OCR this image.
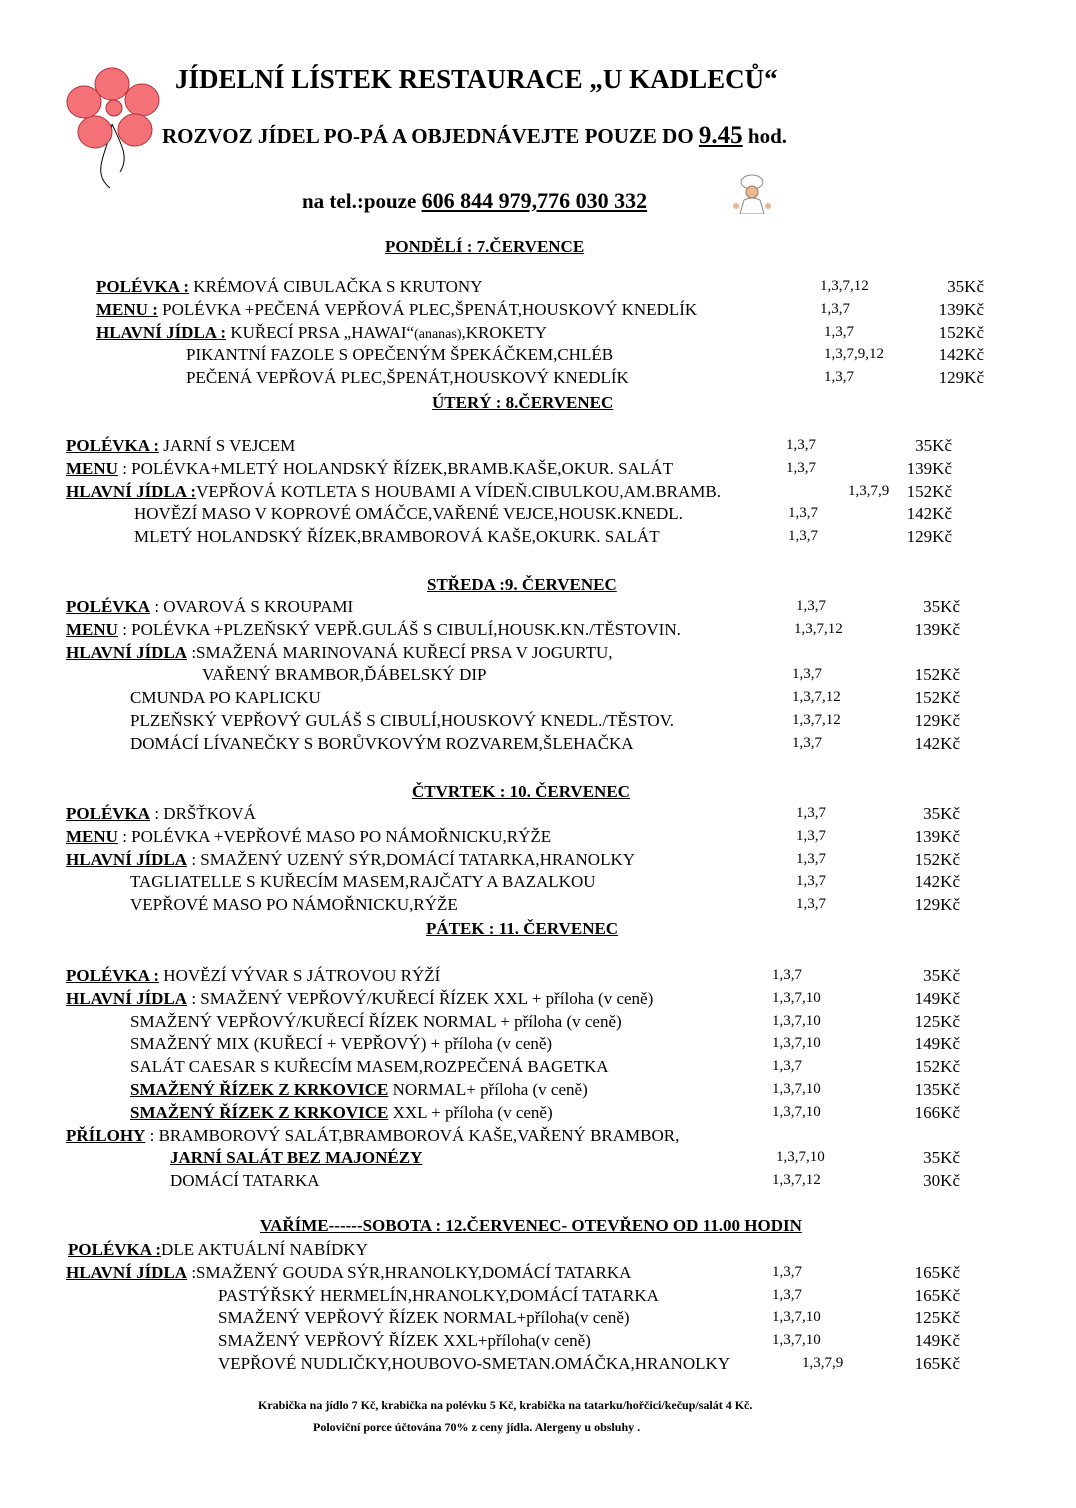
JÍDELNÍ LÍSTEK RESTAURACE „U KADLECŮ“
ROZVOZ JÍDEL PO-PÁ A OBJEDNÁVEJTE POUZE DO 9.45 hod.
na tel.:pouze 606 844 979,776 030 332
PONDĚLÍ : 7.ČERVENCE
POLÉVKA : KRÉMOVÁ CIBULAČKA S KRUTONY	1,3,7,12	35Kč
MENU : POLÉVKA +PEČENÁ VEPŘOVÁ PLEC,ŠPENÁT,HOUSKOVÝ KNEDLÍK	1,3,7	139Kč
HLAVNÍ JÍDLA : KUŘECÍ PRSA „HAWAI“(ananas),KROKETY	1,3,7	152Kč
PIKANTNÍ FAZOLE S OPEČENÝM ŠPEKÁČKEM,CHLÉB	1,3,7,9,12	142Kč
PEČENÁ VEPŘOVÁ PLEC,ŠPENÁT,HOUSKOVÝ KNEDLÍK	1,3,7	129Kč
ÚTERÝ : 8.ČERVENEC
POLÉVKA : JARNÍ S VEJCEM	1,3,7	35Kč
MENU : POLÉVKA+MLETÝ HOLANDSKÝ ŘÍZEK,BRAMB.KAŠE,OKUR. SALÁT	1,3,7	139Kč
HLAVNÍ JÍDLA :VEPŘOVÁ KOTLETA S HOUBAMI A VÍDEŇ.CIBULKOU,AM.BRAMB.	1,3,7,9	152Kč
HOVĚZÍ MASO V KOPROVÉ OMÁČCE,VAŘENÉ VEJCE,HOUSK.KNEDL.	1,3,7	142Kč
MLETÝ HOLANDSKÝ ŘÍZEK,BRAMBOROVÁ KAŠE,OKURK. SALÁT	1,3,7	129Kč
STŘEDA :9. ČERVENEC
POLÉVKA : OVAROVÁ S KROUPAMI	1,3,7	35Kč
MENU : POLÉVKA +PLZEŇSKÝ VEPŘ.GULÁŠ S CIBULÍ,HOUSK.KN./TĚSTOVIN.	1,3,7,12	139Kč
HLAVNÍ JÍDLA :SMAŽENÁ MARINOVANÁ KUŘECÍ PRSA V JOGURTU,
VAŘENÝ BRAMBOR,ĎÁBELSKÝ DIP	1,3,7	152Kč
CMUNDA PO KAPLICKU	1,3,7,12	152Kč
PLZEŇSKÝ VEPŘOVÝ GULÁŠ S CIBULÍ,HOUSKOVÝ KNEDL./TĚSTOV.	1,3,7,12	129Kč
DOMÁCÍ LÍVANEČKY S BORŮVKOVÝM ROZVAREM,ŠLEHAČKA	1,3,7	142Kč
ČTVRTEK : 10. ČERVENEC
POLÉVKA : DRŠŤKOVÁ	1,3,7	35Kč
MENU : POLÉVKA +VEPŘOVÉ MASO PO NÁMOŘNICKU,RÝŽE	1,3,7	139Kč
HLAVNÍ JÍDLA : SMAŽENÝ UZENÝ SÝR,DOMÁCÍ TATARKA,HRANOLKY	1,3,7	152Kč
TAGLIATELLE S KUŘECÍM MASEM,RAJČATY A BAZALKOU	1,3,7	142Kč
VEPŘOVÉ MASO PO NÁMOŘNICKU,RÝŽE	1,3,7	129Kč
PÁTEK : 11. ČERVENEC
POLÉVKA : HOVĚZÍ VÝVAR S JÁTROVOU RÝŽÍ	1,3,7	35Kč
HLAVNÍ JÍDLA : SMAŽENÝ VEPŘOVÝ/KUŘECÍ ŘÍZEK XXL + příloha (v ceně)	1,3,7,10	149Kč
SMAŽENÝ VEPŘOVÝ/KUŘECÍ ŘÍZEK NORMAL + příloha (v ceně)	1,3,7,10	125Kč
SMAŽENÝ MIX (KUŘECÍ + VEPŘOVÝ) + příloha (v ceně)	1,3,7,10	149Kč
SALÁT CAESAR S KUŘECÍM MASEM,ROZPEČENÁ BAGETKA	1,3,7	152Kč
SMAŽENÝ ŘÍZEK Z KRKOVICE NORMAL+ příloha (v ceně)	1,3,7,10	135Kč
SMAŽENÝ ŘÍZEK Z KRKOVICE XXL + příloha (v ceně)	1,3,7,10	166Kč
PŘÍLOHY : BRAMBOROVÝ SALÁT,BRAMBOROVÁ KAŠE,VAŘENÝ BRAMBOR,
JARNÍ SALÁT BEZ MAJONÉZY	1,3,7,10	35Kč
DOMÁCÍ TATARKA	1,3,7,12	30Kč
VAŘÍME------SOBOTA : 12.ČERVENEC- OTEVŘENO OD 11.00 HODIN
POLÉVKA :DLE AKTUÁLNÍ NABÍDKY
HLAVNÍ JÍDLA :SMAŽENÝ GOUDA SÝR,HRANOLKY,DOMÁCÍ TATARKA	1,3,7	165Kč
PASTÝŘSKÝ HERMELÍN,HRANOLKY,DOMÁCÍ TATARKA	1,3,7	165Kč
SMAŽENÝ VEPŘOVÝ ŘÍZEK NORMAL+příloha(v ceně)	1,3,7,10	125Kč
SMAŽENÝ VEPŘOVÝ ŘÍZEK XXL+příloha(v ceně)	1,3,7,10	149Kč
VEPŘOVÉ NUDLIČKY,HOUBOVO-SMETAN.OMÁČKA,HRANOLKY	1,3,7,9	165Kč
Krabička na jídlo 7 Kč, krabička na polévku 5 Kč, krabička na tatarku/hořčici/kečup/salát 4 Kč.
Poloviční porce účtována 70% z ceny jídla. Alergeny u obsluhy .
